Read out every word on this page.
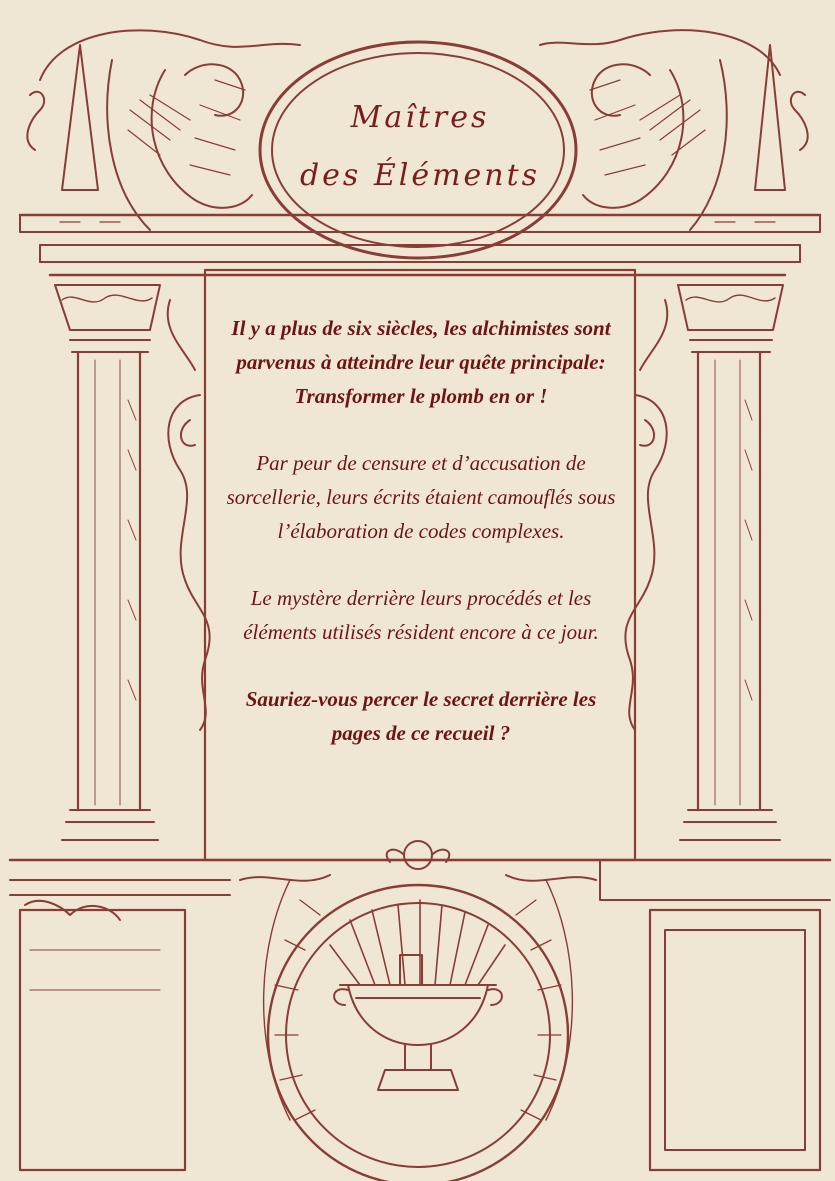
Maîtres
des Éléments

Il y a plus de six siècles, les alchimistes sont parvenus à atteindre leur quête principale: Transformer le plomb en or !

Par peur de censure et d’accusation de sorcellerie, leurs écrits étaient camouflés sous l’élaboration de codes complexes.

Le mystère derrière leurs procédés et les éléments utilisés résident encore à ce jour.

Sauriez-vous percer le secret derrière les pages de ce recueil ?
